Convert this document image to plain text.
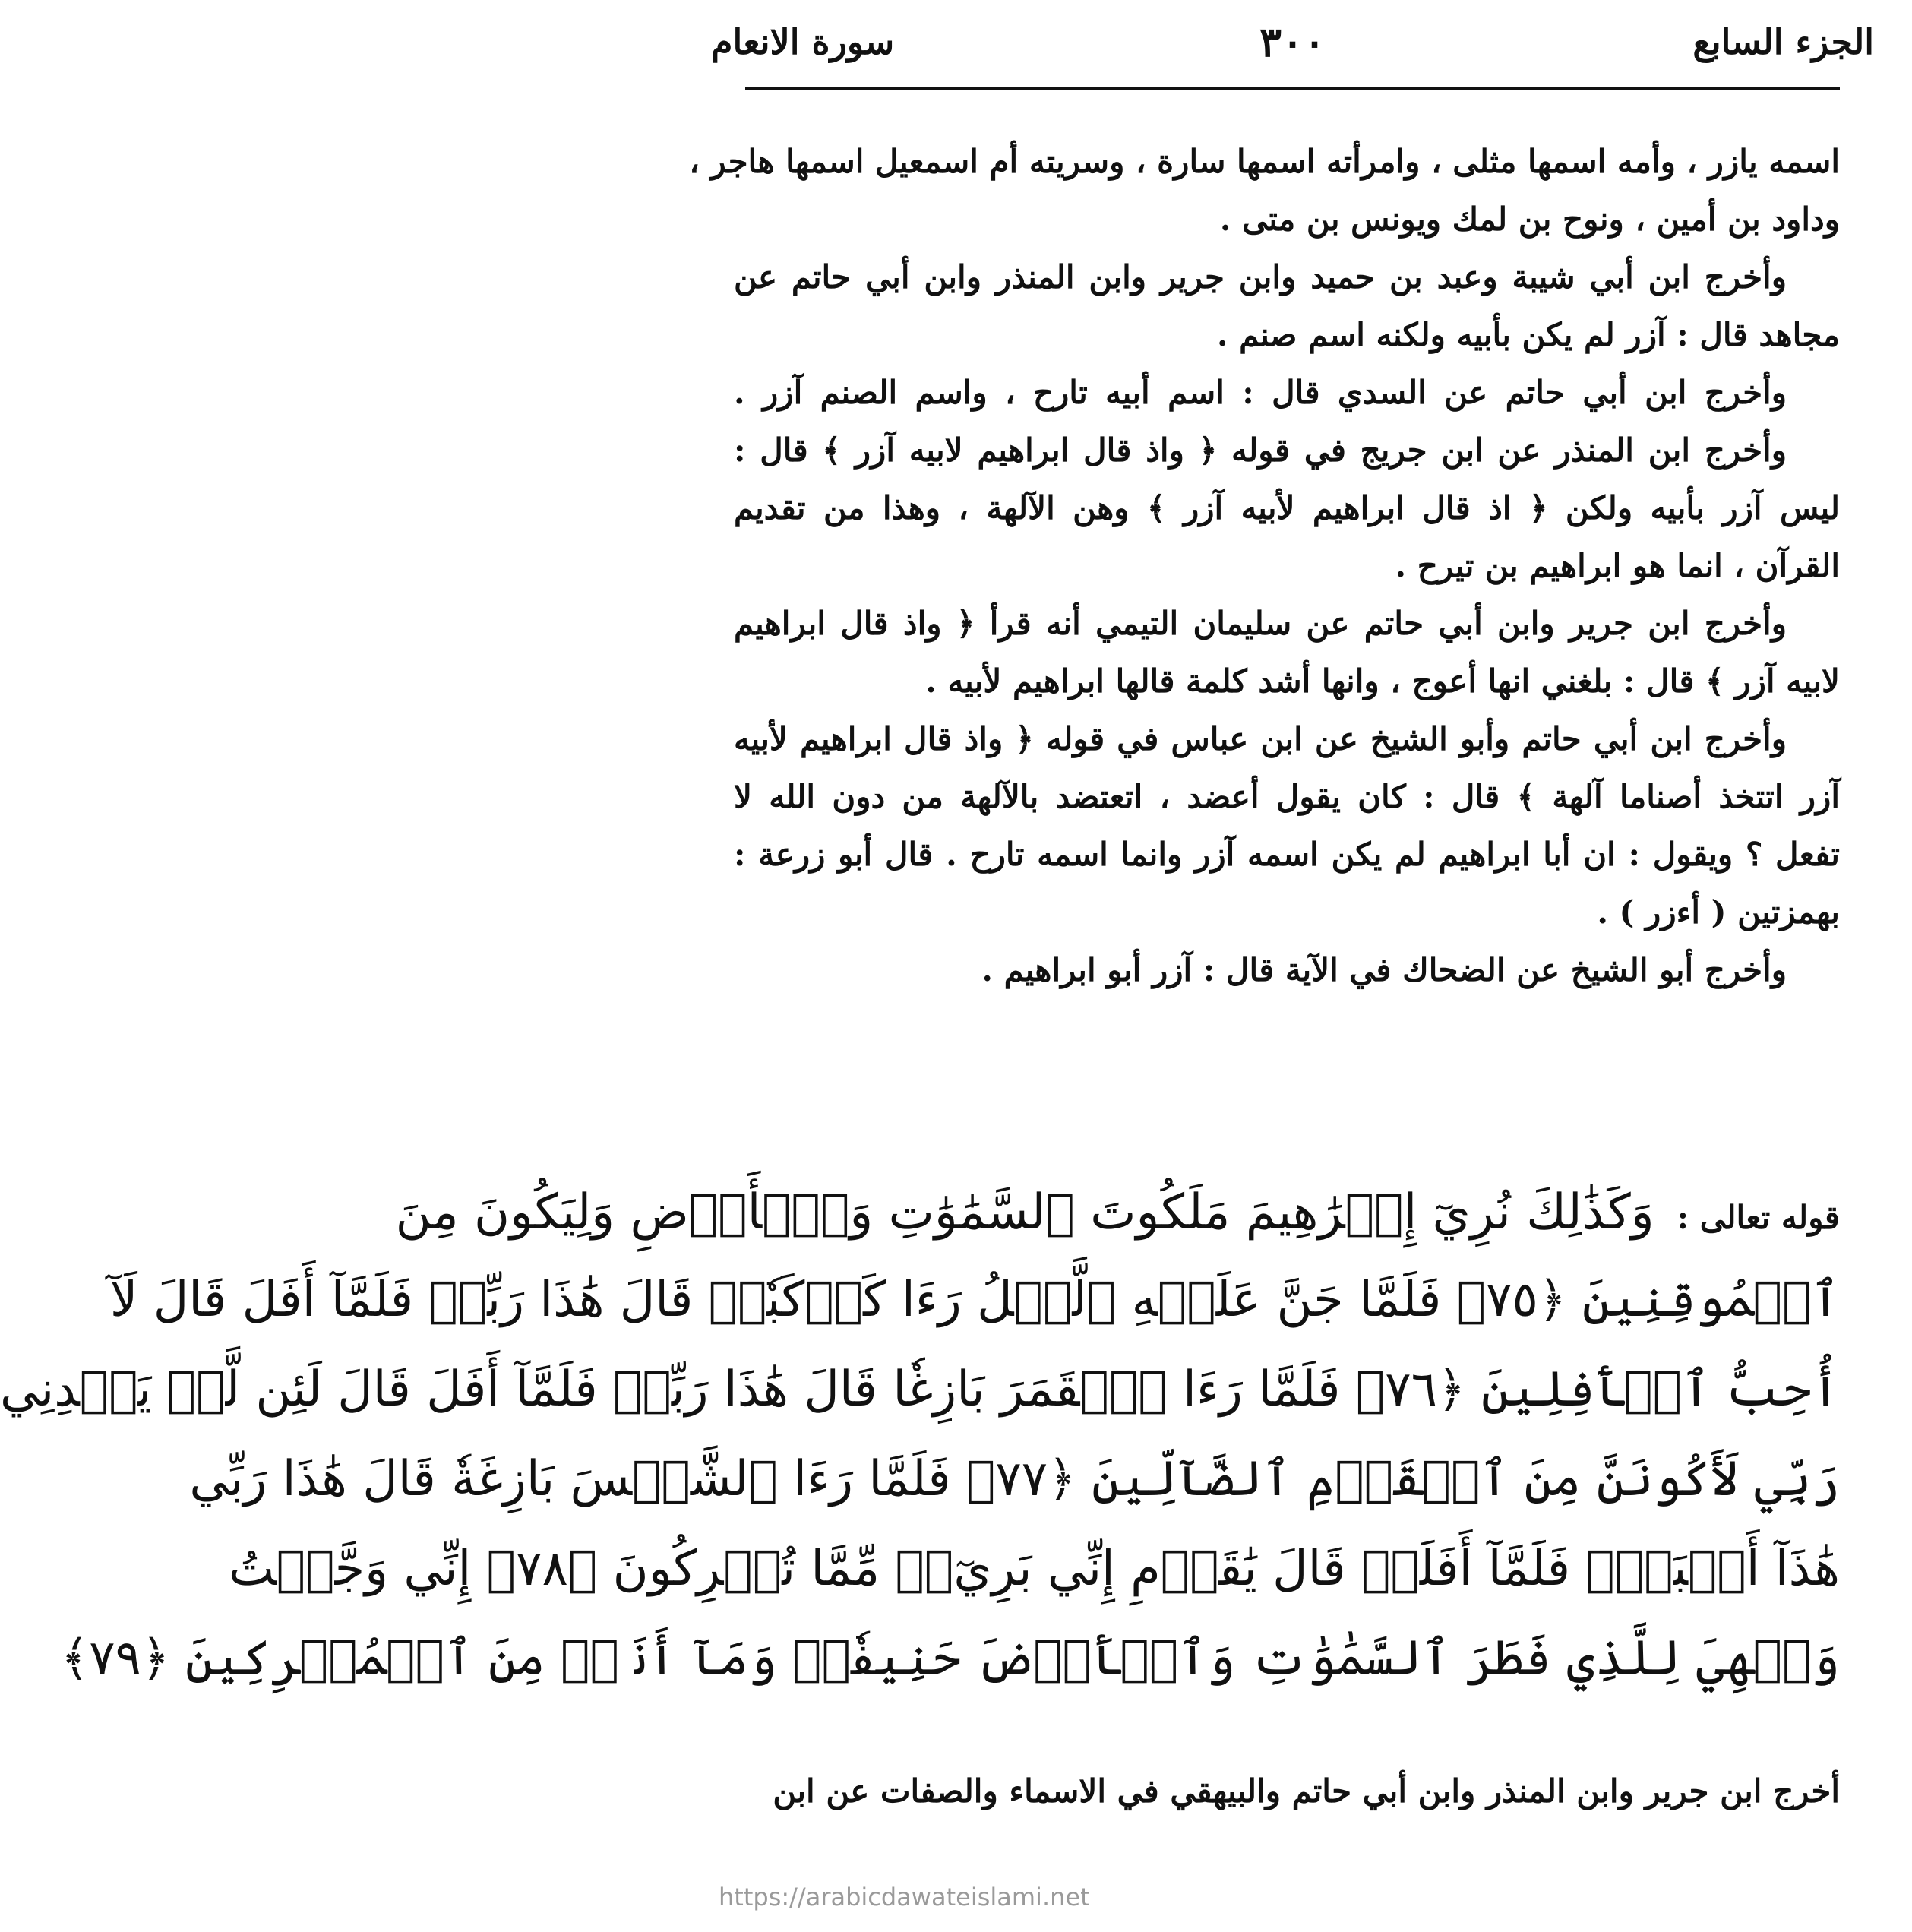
الجزء السابع
٣٠٠
سورة الانعام
اسمه يازر ، وأمه اسمها مثلى ، وامرأته اسمها سارة ، وسريته أم اسمعيل اسمها هاجر ،
وداود بن أمين ، ونوح بن لمك ويونس بن متى .
وأخرج ابن أبي شيبة وعبد بن حميد وابن جرير وابن المنذر وابن أبي حاتم عن
مجاهد قال : آزر لم يكن بأبيه ولكنه اسم صنم .
وأخرج ابن أبي حاتم عن السدي قال : اسم أبيه تارح ، واسم الصنم آزر .
وأخرج ابن المنذر عن ابن جريج في قوله ﴿ واذ قال ابراهيم لابيه آزر ﴾ قال :
ليس آزر بأبيه ولكن ﴿ اذ قال ابراهيم لأبيه آزر ﴾ وهن الآلهة ، وهذا من تقديم
القرآن ، انما هو ابراهيم بن تيرح .
وأخرج ابن جرير وابن أبي حاتم عن سليمان التيمي أنه قرأ ﴿ واذ قال ابراهيم
لابيه آزر ﴾ قال : بلغني انها أعوج ، وانها أشد كلمة قالها ابراهيم لأبيه .
وأخرج ابن أبي حاتم وأبو الشيخ عن ابن عباس في قوله ﴿ واذ قال ابراهيم لأبيه
آزر اتتخذ أصناما آلهة ﴾ قال : كان يقول أعضد ، اتعتضد بالآلهة من دون الله لا
تفعل ؟ ويقول : ان أبا ابراهيم لم يكن اسمه آزر وانما اسمه تارح . قال أبو زرعة :
بهمزتين ( أءزر ) .
وأخرج أبو الشيخ عن الضحاك في الآية قال : آزر أبو ابراهيم .
قوله تعالى :
وَكَذَٰلِكَ نُرِيٓ إِبۡرَٰهِيمَ مَلَكُوتَ ٱلسَّمَٰوَٰتِ وَٱلۡأَرۡضِ وَلِيَكُونَ مِنَ
ٱلۡمُوقِنِينَ ﴿٧٥﴾ فَلَمَّا جَنَّ عَلَيۡهِ ٱلَّيۡلُ رَءَا كَوۡكَبٗاۖ قَالَ هَٰذَا رَبِّيۖ فَلَمَّآ أَفَلَ قَالَ لَآ
أُحِبُّ ٱلۡأٓفِلِينَ ﴿٧٦﴾ فَلَمَّا رَءَا ٱلۡقَمَرَ بَازِغٗا قَالَ هَٰذَا رَبِّيۖ فَلَمَّآ أَفَلَ قَالَ لَئِن لَّمۡ يَهۡدِنِي
رَبِّي لَأَكُونَنَّ مِنَ ٱلۡقَوۡمِ ٱلضَّآلِّينَ ﴿٧٧﴾ فَلَمَّا رَءَا ٱلشَّمۡسَ بَازِغَةٗ قَالَ هَٰذَا رَبِّي
هَٰذَآ أَكۡبَرُۖ فَلَمَّآ أَفَلَتۡ قَالَ يَٰقَوۡمِ إِنِّي بَرِيٓءٞ مِّمَّا تُشۡرِكُونَ ﴿٧٨﴾ إِنِّي وَجَّهۡتُ
وَجۡهِيَ لِلَّذِي فَطَرَ ٱلسَّمَٰوَٰتِ وَٱلۡأَرۡضَ حَنِيفٗاۖ وَمَآ أَنَا۠ مِنَ ٱلۡمُشۡرِكِينَ ﴿٧٩﴾
أخرج ابن جرير وابن المنذر وابن أبي حاتم والبيهقي في الاسماء والصفات عن ابن
https://arabicdawateislami.net
